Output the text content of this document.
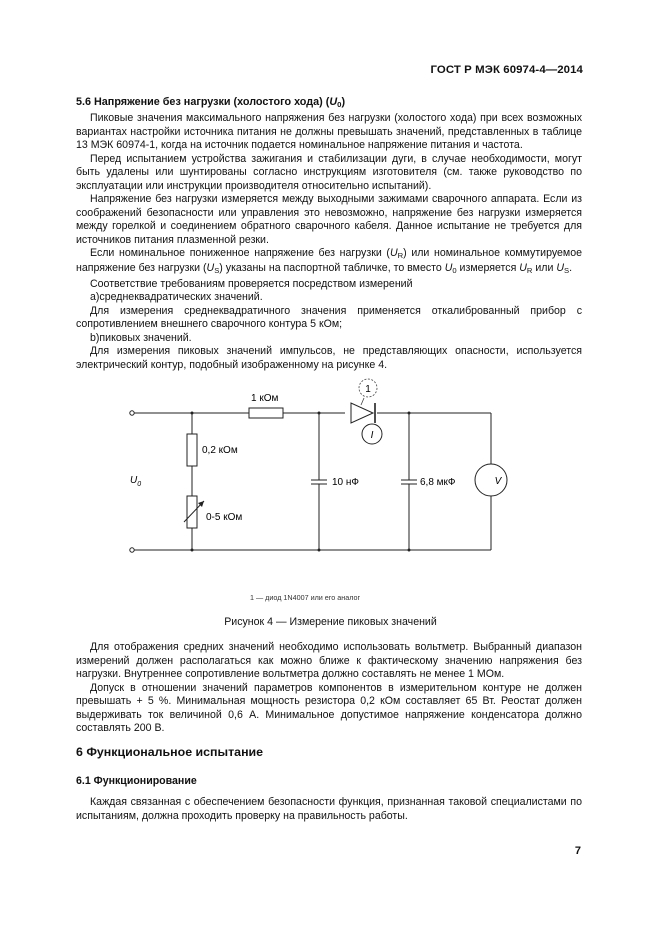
ГОСТ Р МЭК 60974-4—2014
5.6 Напряжение без нагрузки (холостого хода) $(U_0)$

Пиковые значения максимального напряжения без нагрузки (холостого хода) при всех возможных вариантах настройки источника питания не должны превышать значений, представленных в таблице 13 МЭК 60974-1, когда на источник подается номинальное напряжение питания и частота.

Перед испытанием устройства зажигания и стабилизации дуги, в случае необходимости, могут быть удалены или шунтированы согласно инструкциям изготовителя (см. также руководство по эксплуатации или инструкции производителя относительно испытаний).

Напряжение без нагрузки измеряется между выходными зажимами сварочного аппарата. Если из соображений безопасности или управления это невозможно, напряжение без нагрузки измеряется между горелкой и соединением обратного сварочного кабеля. Данное испытание не требуется для источников питания плазменной резки.

Если номинальное пониженное напряжение без нагрузки $(U_R)$ или номинальное коммутируемое напряжение без нагрузки $(U_S)$ указаны на паспортной табличке, то вместо $U_0$ измеряется $U_R$ или $U_S$.

Соответствие требованиям проверяется посредством измерений

а)среднеквадратических значений.

Для измерения среднеквадратичного значения применяется откалиброванный прибор с сопротивлением внешнего сварочного контура 5 кОм;

b)пиковых значений.

Для измерения пиковых значений импульсов, не представляющих опасности, используется электрический контур, подобный изображенному на рисунке 4.

1 кОм
0,2 кОм
0-5 кОм
$U_0$	10 нФ	6,8 мкФ
1
I
V
1 — диод 1N4007 или его аналог
Рисунок 4 — Измерение пиковых значений

Для отображения средних значений необходимо использовать вольтметр. Выбранный диапазон измерений должен располагаться как можно ближе к фактическому значению напряжения без нагрузки. Внутреннее сопротивление вольтметра должно составлять не менее 1 МОм.

Допуск в отношении значений параметров компонентов в измерительном контуре не должен превышать + 5 %. Минимальная мощность резистора 0,2 кОм составляет 65 Вт. Реостат должен выдерживать ток величиной 0,6 А. Минимальное допустимое напряжение конденсатора должно составлять 200 В.

6 Функциональное испытание
6.1 Функционирование

Каждая связанная с обеспечением безопасности функция, признанная таковой специалистами по испытаниям, должна проходить проверку на правильность работы.

7
